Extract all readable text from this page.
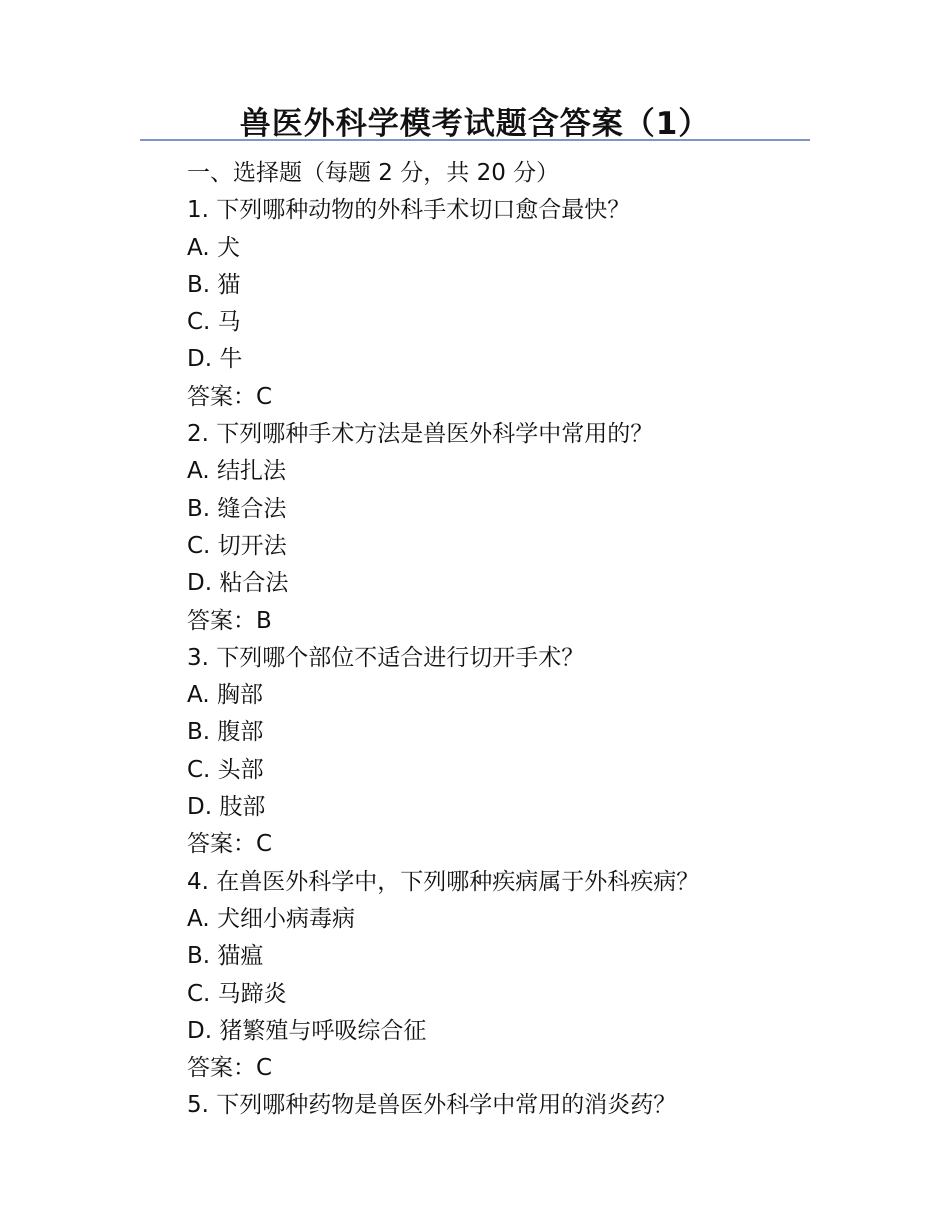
兽医外科学模考试题含答案（1）
一、选择题（每题 2 分，共 20 分）
1. 下列哪种动物的外科手术切口愈合最快？
A. 犬
B. 猫
C. 马
D. 牛
答案：C
2. 下列哪种手术方法是兽医外科学中常用的？
A. 结扎法
B. 缝合法
C. 切开法
D. 粘合法
答案：B
3. 下列哪个部位不适合进行切开手术？
A. 胸部
B. 腹部
C. 头部
D. 肢部
答案：C
4. 在兽医外科学中，下列哪种疾病属于外科疾病？
A. 犬细小病毒病
B. 猫瘟
C. 马蹄炎
D. 猪繁殖与呼吸综合征
答案：C
5. 下列哪种药物是兽医外科学中常用的消炎药？
